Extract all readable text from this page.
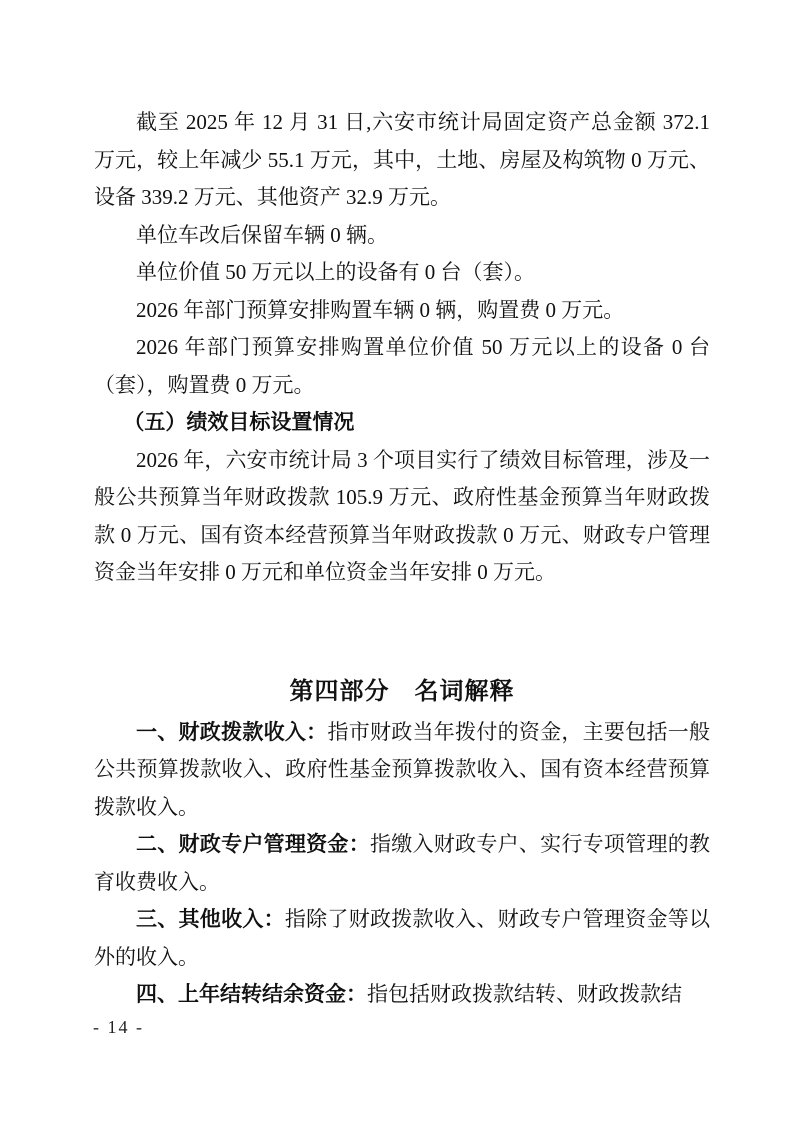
截至 2025 年 12 月 31 日,六安市统计局固定资产总金额 372.1 万元，较上年减少 55.1 万元，其中，土地、房屋及构筑物 0 万元、设备 339.2 万元、其他资产 32.9 万元。

单位车改后保留车辆 0 辆。

单位价值 50 万元以上的设备有 0 台（套）。

2026 年部门预算安排购置车辆 0 辆，购置费 0 万元。

2026 年部门预算安排购置单位价值 50 万元以上的设备 0 台（套），购置费 0 万元。

（五）绩效目标设置情况

2026 年，六安市统计局 3 个项目实行了绩效目标管理，涉及一般公共预算当年财政拨款 105.9 万元、政府性基金预算当年财政拨款 0 万元、国有资本经营预算当年财政拨款 0 万元、财政专户管理资金当年安排 0 万元和单位资金当年安排 0 万元。

第四部分　名词解释

一、财政拨款收入：指市财政当年拨付的资金，主要包括一般公共预算拨款收入、政府性基金预算拨款收入、国有资本经营预算拨款收入。

二、财政专户管理资金：指缴入财政专户、实行专项管理的教育收费收入。

三、其他收入：指除了财政拨款收入、财政专户管理资金等以外的收入。

四、上年结转结余资金：指包括财政拨款结转、财政拨款结

- 14 -
